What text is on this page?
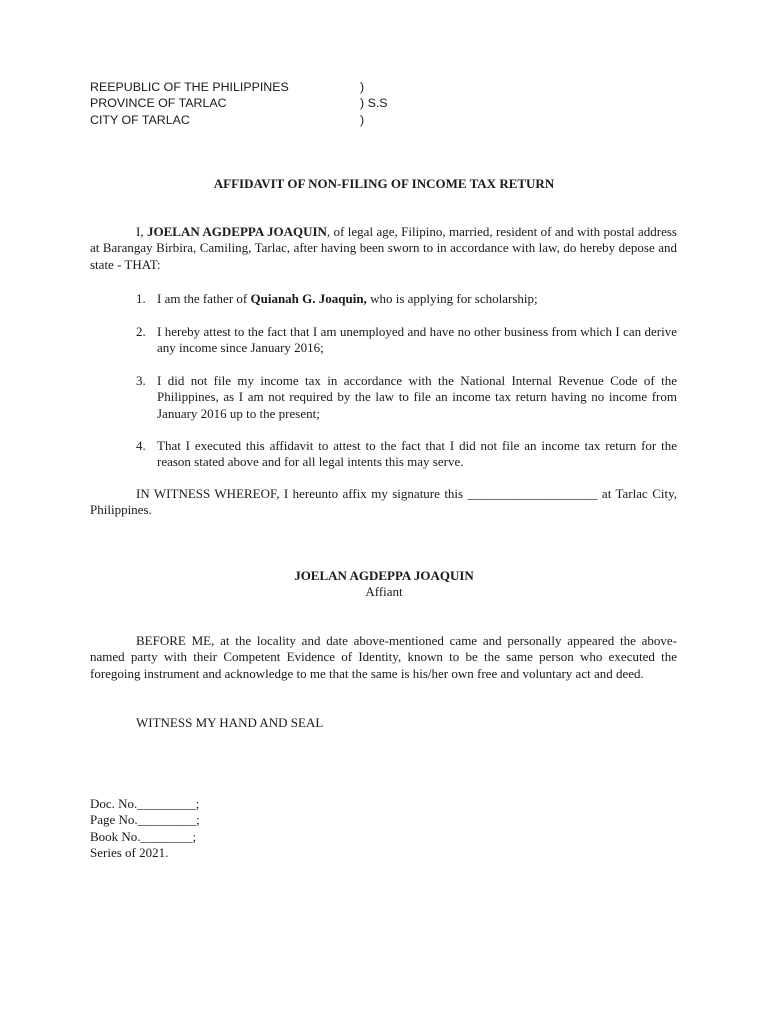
REEPUBLIC OF THE PHILIPPINES	)
PROVINCE OF TARLAC	) S.S
CITY OF TARLAC	)
AFFIDAVIT OF NON-FILING OF INCOME TAX RETURN
I, JOELAN AGDEPPA JOAQUIN, of legal age, Filipino, married, resident of and with postal address at Barangay Birbira, Camiling, Tarlac, after having been sworn to in accordance with law, do hereby depose and state - THAT:
1. I am the father of Quianah G. Joaquin, who is applying for scholarship;
2. I hereby attest to the fact that I am unemployed and have no other business from which I can derive any income since January 2016;
3. I did not file my income tax in accordance with the National Internal Revenue Code of the Philippines, as I am not required by the law to file an income tax return having no income from January 2016 up to the present;
4. That I executed this affidavit to attest to the fact that I did not file an income tax return for the reason stated above and for all legal intents this may serve.
IN WITNESS WHEREOF, I hereunto affix my signature this ____________________ at Tarlac City, Philippines.
JOELAN AGDEPPA JOAQUIN
Affiant
BEFORE ME, at the locality and date above-mentioned came and personally appeared the above-named party with their Competent Evidence of Identity, known to be the same person who executed the foregoing instrument and acknowledge to me that the same is his/her own free and voluntary act and deed.
WITNESS MY HAND AND SEAL
Doc. No._________;
Page No._________;
Book No.________;
Series of 2021.
